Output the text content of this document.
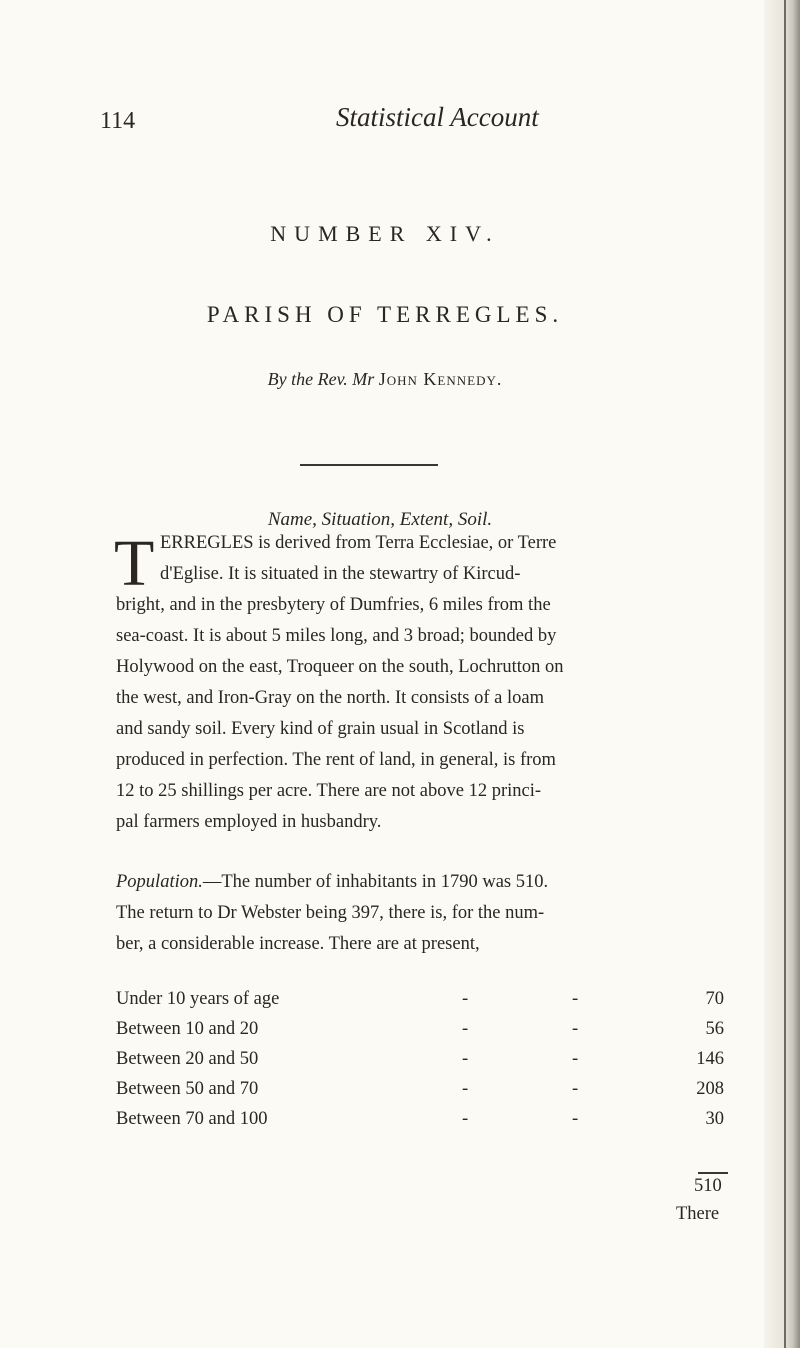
114	Statistical Account
NUMBER XIV.
PARISH OF TERREGLES.
By the Rev. Mr John Kennedy.
Name, Situation, Extent, Soil.
T ERREGLES is derived from Terra Ecclesiae, or Terre
d'Eglise. It is situated in the stewartry of Kircud-
bright, and in the presbytery of Dumfries, 6 miles from the
sea-coast. It is about 5 miles long, and 3 broad; bounded by
Holywood on the east, Troqueer on the south, Lochrutton on
the west, and Iron-Gray on the north. It consists of a loam
and sandy soil. Every kind of grain usual in Scotland is
produced in perfection. The rent of land, in general, is from
12 to 25 shillings per acre. There are not above 12 princi-
pal farmers employed in husbandry.
Population.—The number of inhabitants in 1790 was 510.
The return to Dr Webster being 397, there is, for the num-
ber, a considerable increase. There are at present,
Under 10 years of age	-	-	70
Between 10 and 20	-	-	56
Between 20 and 50	-	-	146
Between 50 and 70	-	-	208
Between 70 and 100	-	-	30
510
There
